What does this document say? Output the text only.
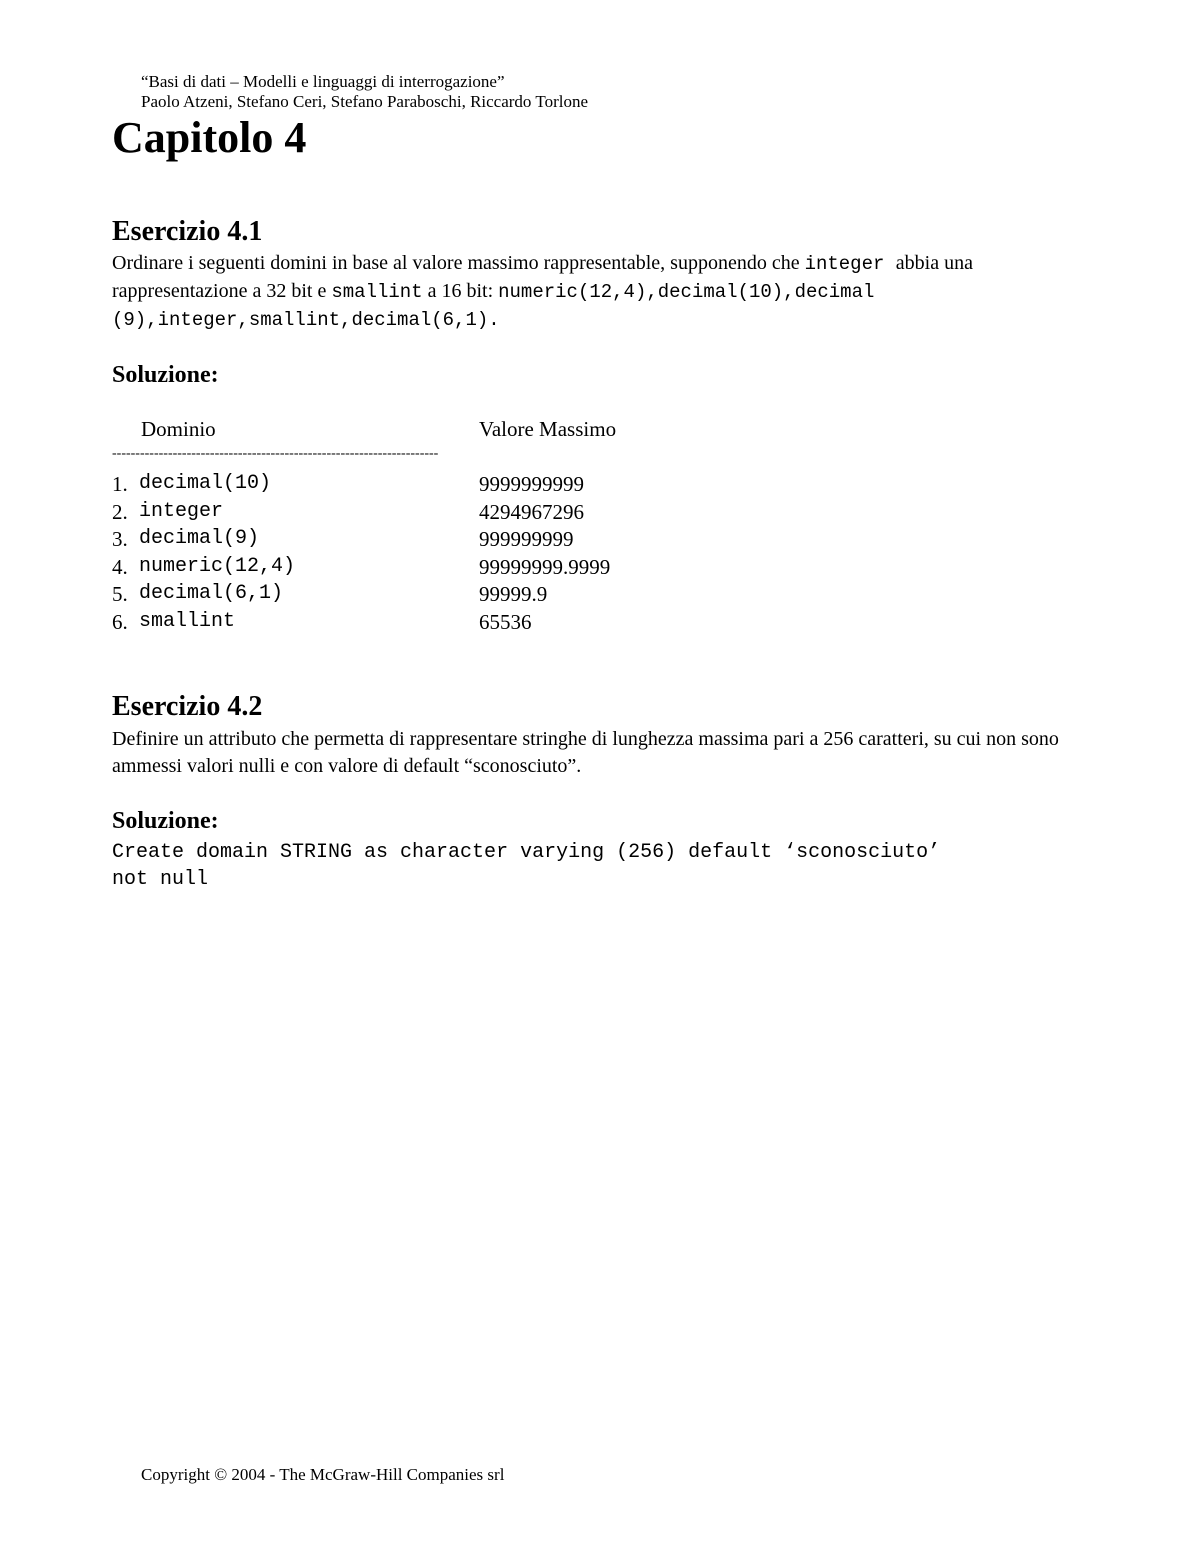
“Basi di dati – Modelli e linguaggi di interrogazione”
Paolo Atzeni, Stefano Ceri, Stefano Paraboschi, Riccardo Torlone
Capitolo 4
Esercizio 4.1

Ordinare i seguenti domini in base al valore massimo rappresentable, supponendo che integer abbia una rappresentazione a 32 bit e smallint a 16 bit: numeric(12,4),decimal(10),decimal (9),integer,smallint,decimal(6,1).

Soluzione:
Dominio	Valore Massimo
----------------------------------------------------------------------
1. decimal(10)	9999999999
2. integer	4294967296
3. decimal(9)	999999999
4. numeric(12,4)	99999999.9999
5. decimal(6,1)	99999.9
6. smallint	65536
Esercizio 4.2

Definire un attributo che permetta di rappresentare stringhe di lunghezza massima pari a 256 caratteri, su cui non sono ammessi valori nulli e con valore di default “sconosciuto”.

Soluzione:
Create domain STRING as character varying (256) default ‘sconosciuto’
not null
Copyright © 2004 - The McGraw-Hill Companies srl
